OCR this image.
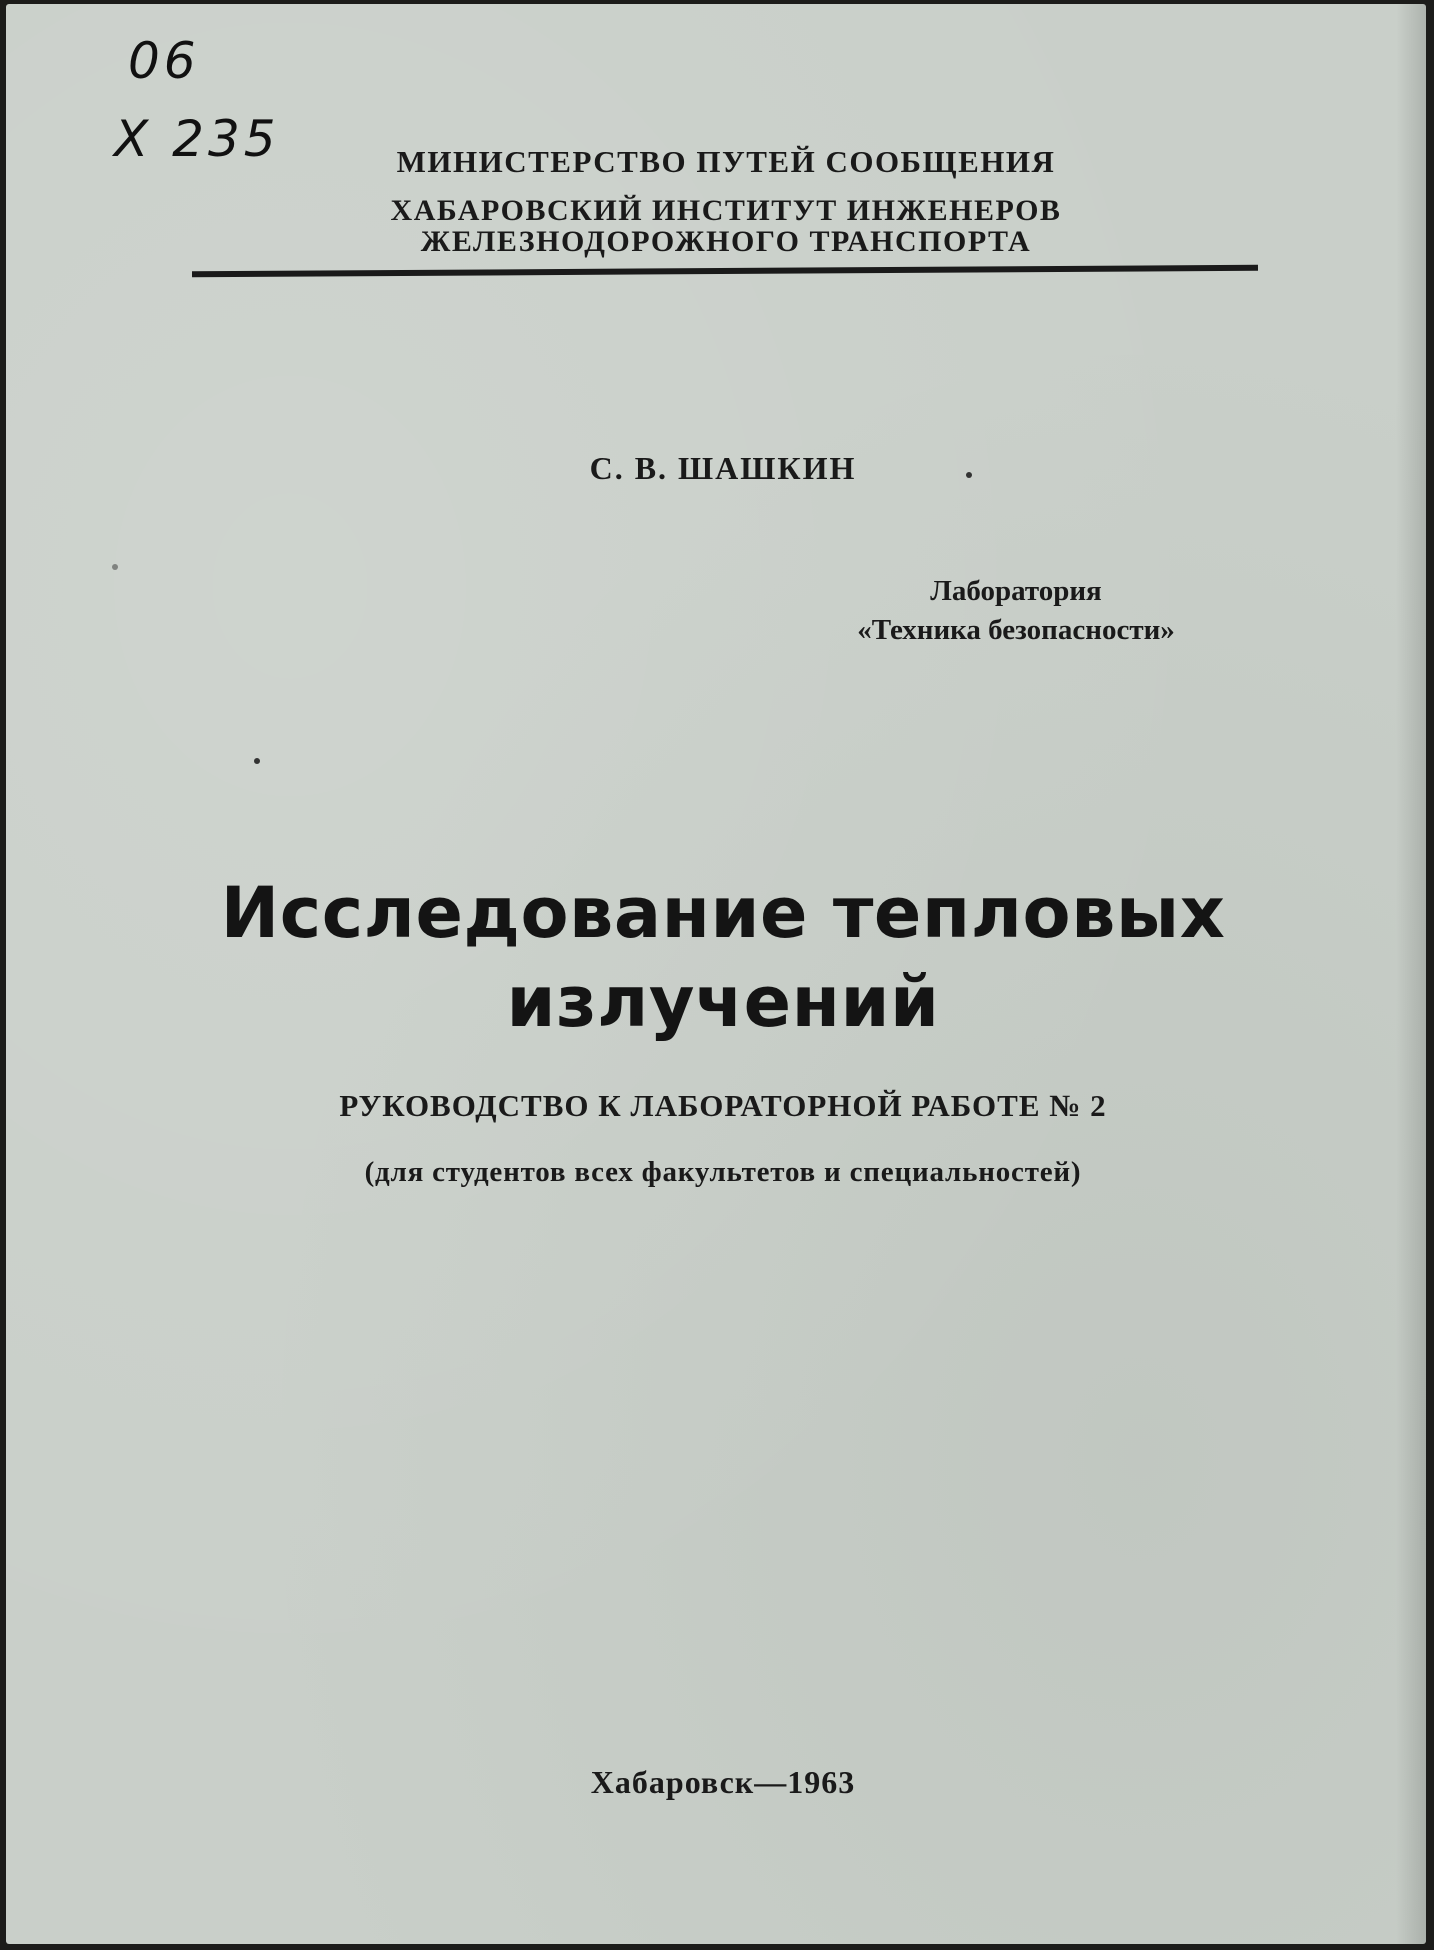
06
X 235	МИНИСТЕРСТВО ПУТЕЙ СООБЩЕНИЯ
ХАБАРОВСКИЙ ИНСТИТУТ ИНЖЕНЕРОВ
ЖЕЛЕЗНОДОРОЖНОГО ТРАНСПОРТА
С. В. ШАШКИН
Лаборатория
«Техника безопасности»
Исследование тепловых
излучений
РУКОВОДСТВО К ЛАБОРАТОРНОЙ РАБОТЕ № 2
(для студентов всех факультетов и специальностей)
Хабаровск—1963
